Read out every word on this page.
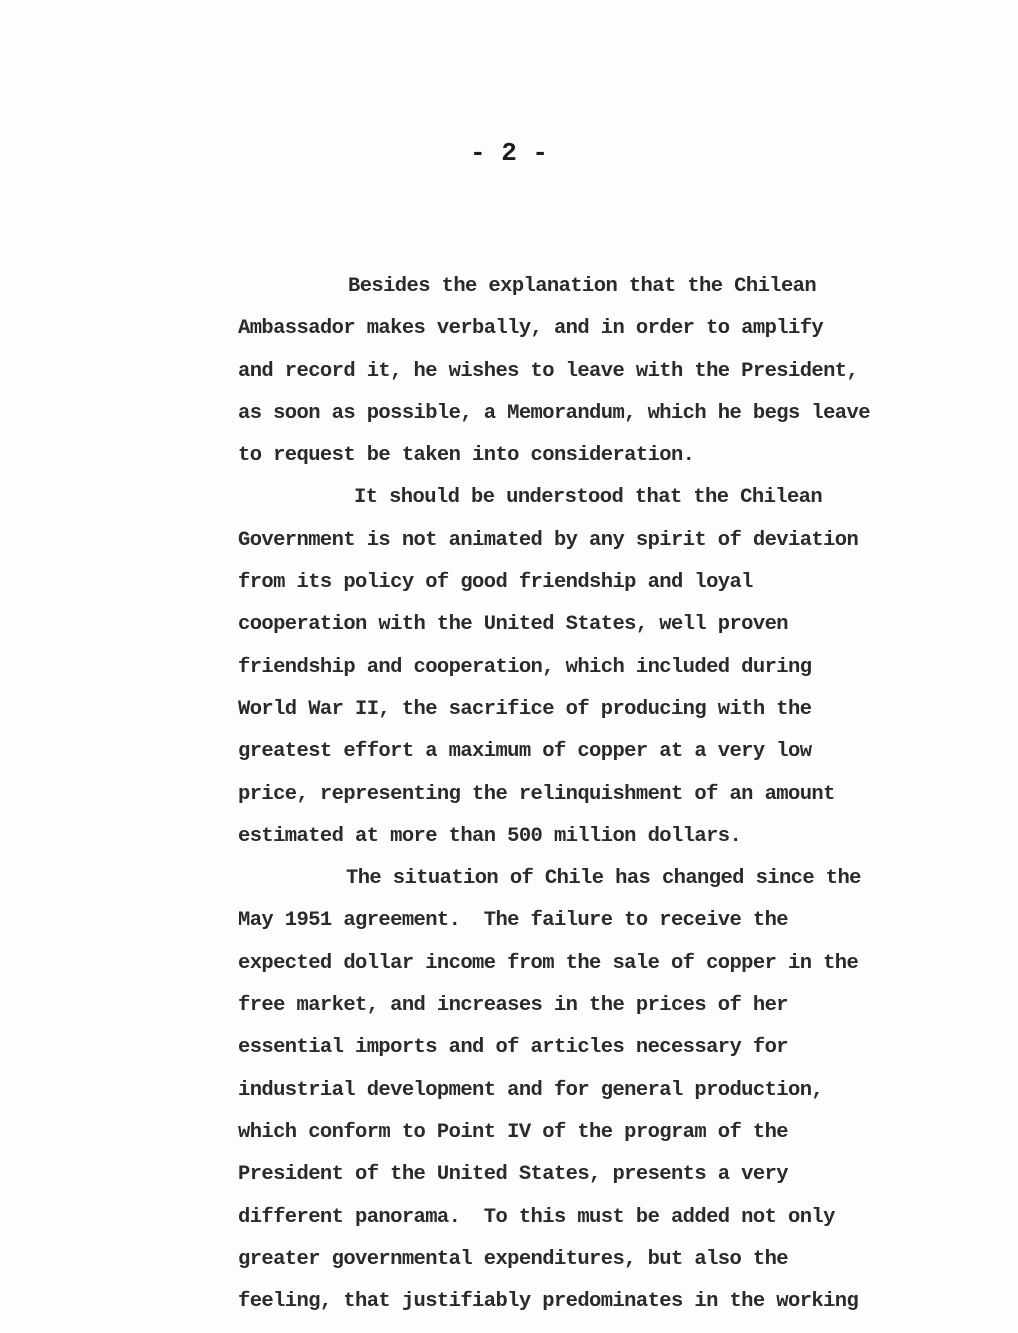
- 2 -

Besides the explanation that the Chilean
Ambassador makes verbally, and in order to amplify
and record it, he wishes to leave with the President,
as soon as possible, a Memorandum, which he begs leave
to request be taken into consideration.
It should be understood that the Chilean
Government is not animated by any spirit of deviation
from its policy of good friendship and loyal
cooperation with the United States, well proven
friendship and cooperation, which included during
World War II, the sacrifice of producing with the
greatest effort a maximum of copper at a very low
price, representing the relinquishment of an amount
estimated at more than 500 million dollars.
The situation of Chile has changed since the
May 1951 agreement.  The failure to receive the
expected dollar income from the sale of copper in the
free market, and increases in the prices of her
essential imports and of articles necessary for
industrial development and for general production,
which conform to Point IV of the program of the
President of the United States, presents a very
different panorama.  To this must be added not only
greater governmental expenditures, but also the
feeling, that justifiably predominates in the working
